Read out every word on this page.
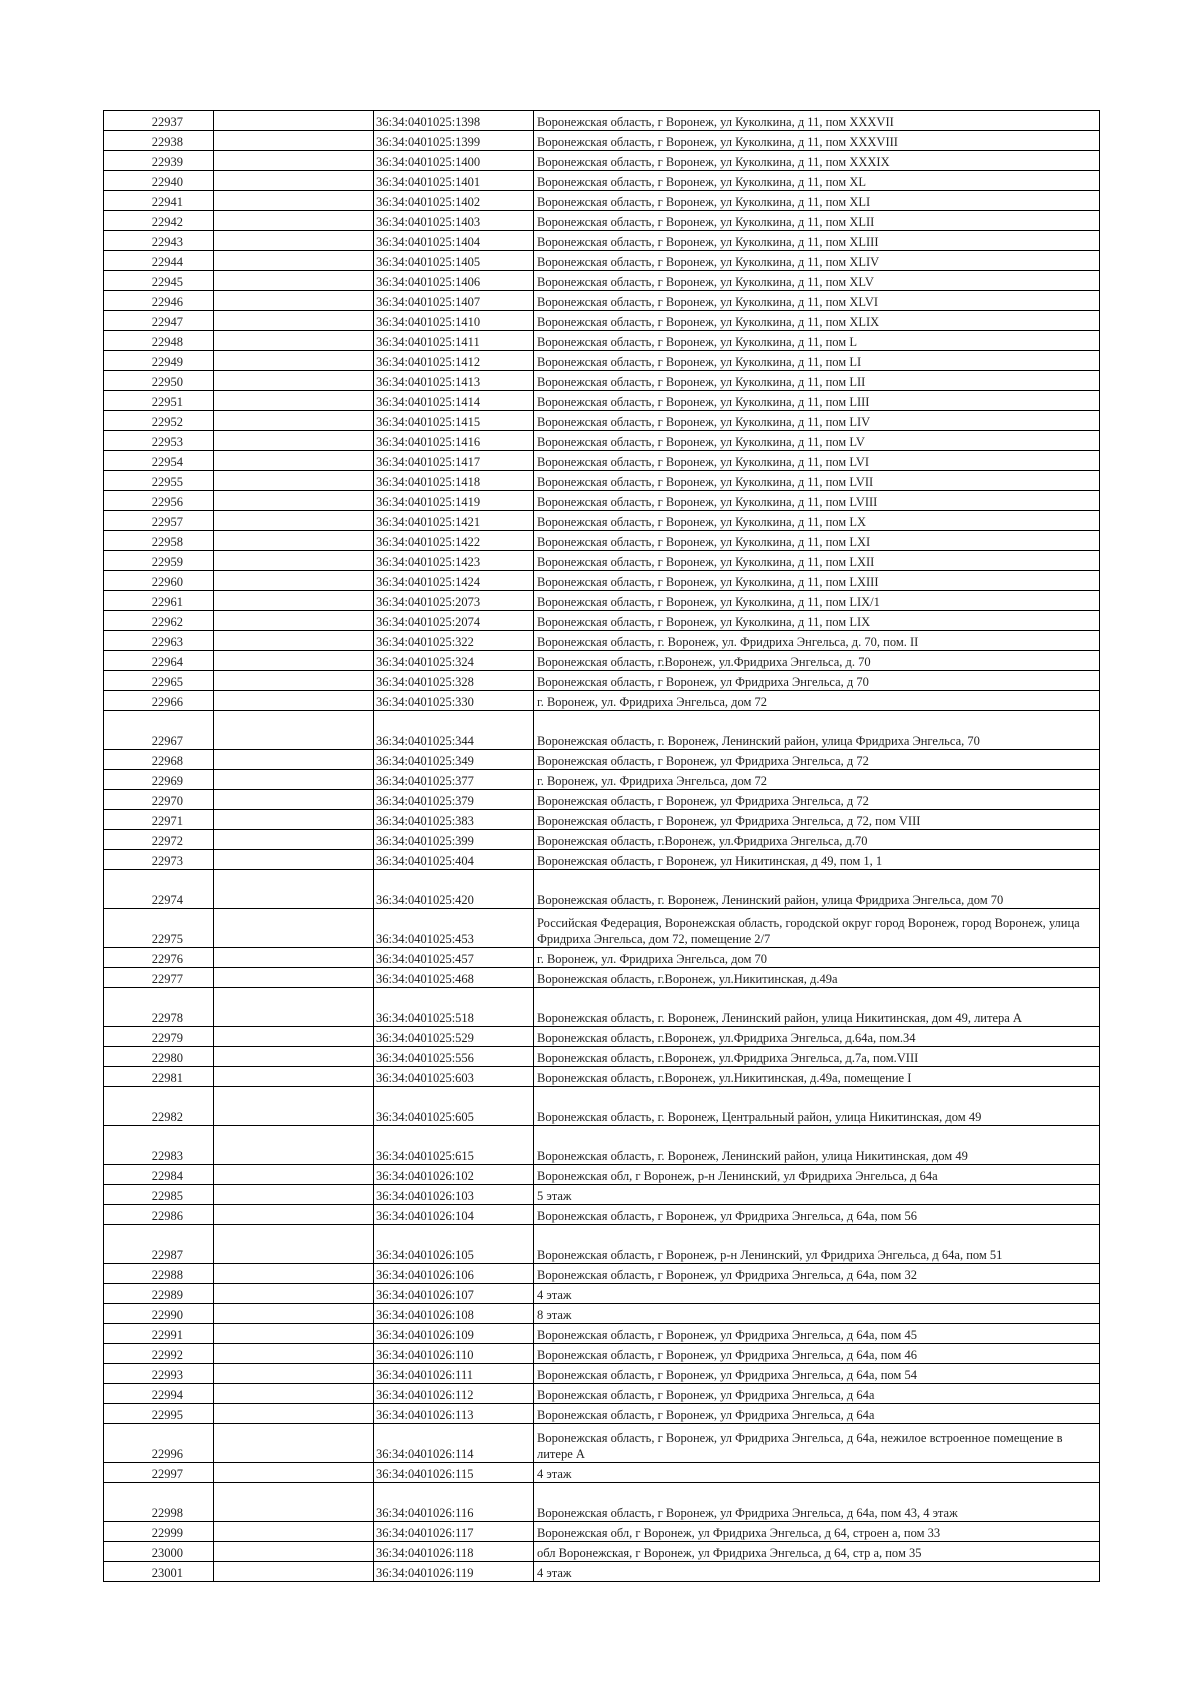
22937		36:34:0401025:1398	Воронежская область, г Воронеж, ул Куколкина, д 11, пом XXXVII
22938		36:34:0401025:1399	Воронежская область, г Воронеж, ул Куколкина, д 11, пом XXXVIII
22939		36:34:0401025:1400	Воронежская область, г Воронеж, ул Куколкина, д 11, пом XXXIX
22940		36:34:0401025:1401	Воронежская область, г Воронеж, ул Куколкина, д 11, пом XL
22941		36:34:0401025:1402	Воронежская область, г Воронеж, ул Куколкина, д 11, пом XLI
22942		36:34:0401025:1403	Воронежская область, г Воронеж, ул Куколкина, д 11, пом XLII
22943		36:34:0401025:1404	Воронежская область, г Воронеж, ул Куколкина, д 11, пом XLIII
22944		36:34:0401025:1405	Воронежская область, г Воронеж, ул Куколкина, д 11, пом XLIV
22945		36:34:0401025:1406	Воронежская область, г Воронеж, ул Куколкина, д 11, пом XLV
22946		36:34:0401025:1407	Воронежская область, г Воронеж, ул Куколкина, д 11, пом XLVI
22947		36:34:0401025:1410	Воронежская область, г Воронеж, ул Куколкина, д 11, пом XLIX
22948		36:34:0401025:1411	Воронежская область, г Воронеж, ул Куколкина, д 11, пом L
22949		36:34:0401025:1412	Воронежская область, г Воронеж, ул Куколкина, д 11, пом LI
22950		36:34:0401025:1413	Воронежская область, г Воронеж, ул Куколкина, д 11, пом LII
22951		36:34:0401025:1414	Воронежская область, г Воронеж, ул Куколкина, д 11, пом LIII
22952		36:34:0401025:1415	Воронежская область, г Воронеж, ул Куколкина, д 11, пом LIV
22953		36:34:0401025:1416	Воронежская область, г Воронеж, ул Куколкина, д 11, пом LV
22954		36:34:0401025:1417	Воронежская область, г Воронеж, ул Куколкина, д 11, пом LVI
22955		36:34:0401025:1418	Воронежская область, г Воронеж, ул Куколкина, д 11, пом LVII
22956		36:34:0401025:1419	Воронежская область, г Воронеж, ул Куколкина, д 11, пом LVIII
22957		36:34:0401025:1421	Воронежская область, г Воронеж, ул Куколкина, д 11, пом LX
22958		36:34:0401025:1422	Воронежская область, г Воронеж, ул Куколкина, д 11, пом LXI
22959		36:34:0401025:1423	Воронежская область, г Воронеж, ул Куколкина, д 11, пом LXII
22960		36:34:0401025:1424	Воронежская область, г Воронеж, ул Куколкина, д 11, пом LXIII
22961		36:34:0401025:2073	Воронежская область, г Воронеж, ул Куколкина, д 11, пом LIX/1
22962		36:34:0401025:2074	Воронежская область, г Воронеж, ул Куколкина, д 11, пом LIX
22963		36:34:0401025:322	Воронежская область, г. Воронеж, ул. Фридриха Энгельса, д. 70, пом. II
22964		36:34:0401025:324	Воронежская область, г.Воронеж, ул.Фридриха Энгельса, д. 70
22965		36:34:0401025:328	Воронежская область, г Воронеж, ул Фридриха Энгельса, д 70
22966		36:34:0401025:330	г. Воронеж, ул. Фридриха Энгельса, дом 72
22967		36:34:0401025:344	Воронежская область, г. Воронеж, Ленинский район, улица Фридриха Энгельса, 70
22968		36:34:0401025:349	Воронежская область, г Воронеж, ул Фридриха Энгельса, д 72
22969		36:34:0401025:377	г. Воронеж, ул. Фридриха Энгельса, дом 72
22970		36:34:0401025:379	Воронежская область, г Воронеж, ул Фридриха Энгельса, д 72
22971		36:34:0401025:383	Воронежская область, г Воронеж, ул Фридриха Энгельса, д 72, пом VIII
22972		36:34:0401025:399	Воронежская область, г.Воронеж, ул.Фридриха Энгельса, д.70
22973		36:34:0401025:404	Воронежская область, г Воронеж, ул Никитинская, д 49, пом 1, 1
22974		36:34:0401025:420	Воронежская область, г. Воронеж, Ленинский район, улица Фридриха Энгельса, дом 70
22975		36:34:0401025:453	Российская Федерация, Воронежская область, городской округ город Воронеж, город Воронеж, улица Фридриха Энгельса, дом 72, помещение 2/7
22976		36:34:0401025:457	г. Воронеж, ул. Фридриха Энгельса, дом 70
22977		36:34:0401025:468	Воронежская область, г.Воронеж, ул.Никитинская, д.49а
22978		36:34:0401025:518	Воронежская область, г. Воронеж, Ленинский район, улица Никитинская, дом 49, литера А
22979		36:34:0401025:529	Воронежская область, г.Воронеж, ул.Фридриха Энгельса, д.64а, пом.34
22980		36:34:0401025:556	Воронежская область, г.Воронеж, ул.Фридриха Энгельса, д.7а, пом.VIII
22981		36:34:0401025:603	Воронежская область, г.Воронеж, ул.Никитинская, д.49а, помещение I
22982		36:34:0401025:605	Воронежская область, г. Воронеж, Центральный район, улица Никитинская, дом 49
22983		36:34:0401025:615	Воронежская область, г. Воронеж, Ленинский район, улица Никитинская, дом 49
22984		36:34:0401026:102	Воронежская обл, г Воронеж, р-н Ленинский, ул Фридриха Энгельса, д 64а
22985		36:34:0401026:103	5 этаж
22986		36:34:0401026:104	Воронежская область, г Воронеж, ул Фридриха Энгельса, д 64а, пом 56
22987		36:34:0401026:105	Воронежская область, г Воронеж, р-н Ленинский, ул Фридриха Энгельса, д 64а, пом 51
22988		36:34:0401026:106	Воронежская область, г Воронеж, ул Фридриха Энгельса, д 64а, пом 32
22989		36:34:0401026:107	4 этаж
22990		36:34:0401026:108	8 этаж
22991		36:34:0401026:109	Воронежская область, г Воронеж, ул Фридриха Энгельса, д 64а, пом 45
22992		36:34:0401026:110	Воронежская область, г Воронеж, ул Фридриха Энгельса, д 64а, пом 46
22993		36:34:0401026:111	Воронежская область, г Воронеж, ул Фридриха Энгельса, д 64а, пом 54
22994		36:34:0401026:112	Воронежская область, г Воронеж, ул Фридриха Энгельса, д 64а
22995		36:34:0401026:113	Воронежская область, г Воронеж, ул Фридриха Энгельса, д 64а
22996		36:34:0401026:114	Воронежская область, г Воронеж, ул Фридриха Энгельса, д 64а, нежилое встроенное помещение в литере А
22997		36:34:0401026:115	4 этаж
22998		36:34:0401026:116	Воронежская область, г Воронеж, ул Фридриха Энгельса, д 64а, пом 43, 4 этаж
22999		36:34:0401026:117	Воронежская обл, г Воронеж, ул Фридриха Энгельса, д 64, строен а, пом 33
23000		36:34:0401026:118	обл Воронежская, г Воронеж, ул Фридриха Энгельса, д 64, стр а, пом 35
23001		36:34:0401026:119	4 этаж
